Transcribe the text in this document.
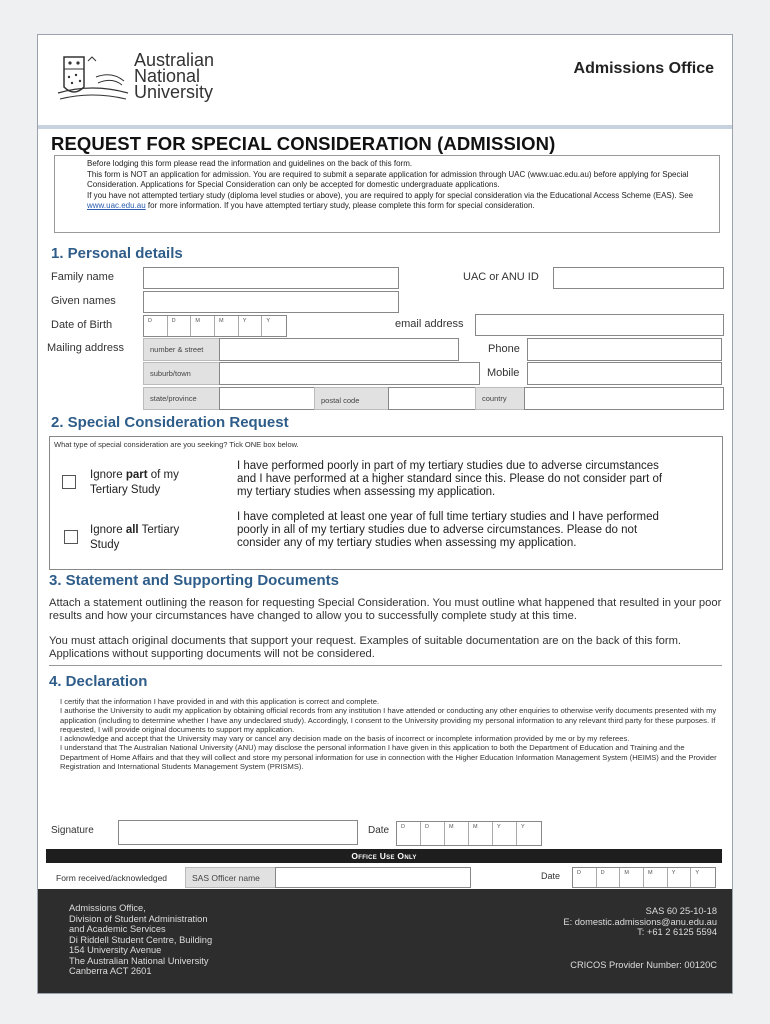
Australian
National
University
Admissions Office
REQUEST FOR SPECIAL CONSIDERATION (ADMISSION)

Before lodging this form please read the information and guidelines on the back of this form.

This form is NOT an application for admission. You are required to submit a separate application for admission through UAC (www.uac.edu.au) before applying for Special Consideration. Applications for Special Consideration can only be accepted for domestic undergraduate applications.

If you have not attempted tertiary study (diploma level studies or above), you are required to apply for special consideration via the Educational Access Scheme (EAS). See www.uac.edu.au for more information. If you have attempted tertiary study, please complete this form for special consideration.

1. Personal details
Family name	UAC or ANU ID
Given names
Date of Birth	D	D	M	M	Y	Y	email address
Mailing address	number & street	Phone
suburb/town	Mobile
state/province	postal code	country
2. Special Consideration Request
What type of special consideration are you seeking? Tick ONE box below.
Ignore part of my
Tertiary Study
I have performed poorly in part of my tertiary studies due to adverse circumstances and I have performed at a higher standard since this. Please do not consider part of my tertiary studies when assessing my application.
Ignore all Tertiary
Study
I have completed at least one year of full time tertiary studies and I have performed poorly in all of my tertiary studies due to adverse circumstances. Please do not consider any of my tertiary studies when assessing my application.
3. Statement and Supporting Documents
Attach a statement outlining the reason for requesting Special Consideration. You must outline what happened that resulted in your poor results and how your circumstances have changed to allow you to successfully complete study at this time.
You must attach original documents that support your request. Examples of suitable documentation are on the back of this form. Applications without supporting documents will not be considered.
4. Declaration

I certify that the information I have provided in and with this application is correct and complete.

I authorise the University to audit my application by obtaining official records from any institution I have attended or conducting any other enquiries to otherwise verify documents presented with my application (including to determine whether I have any undeclared study). Accordingly, I consent to the University providing my personal information to any relevant third party for these purposes. If requested, I will provide original documents to support my application.

I acknowledge and accept that the University may vary or cancel any decision made on the basis of incorrect or incomplete information provided by me or by my referees.

I understand that The Australian National University (ANU) may disclose the personal information I have given in this application to both the Department of Education and Training and the Department of Home Affairs and that they will collect and store my personal information for use in connection with the Higher Education Information Management System (HEIMS) and the Provider Registration and International Students Management System (PRISMS).

Signature	Date	D	D	M	M	Y	Y
Office Use Only
Form received/acknowledged	SAS Officer name	Date	D	D	M	M	Y	Y
Admissions Office,
Division of Student Administration
and Academic Services
Di Riddell Student Centre, Building
154 University Avenue
The Australian National University
Canberra ACT 2601
SAS 60 25-10-18
E: domestic.admissions@anu.edu.au
T: +61 2 6125 5594
CRICOS Provider Number: 00120C
